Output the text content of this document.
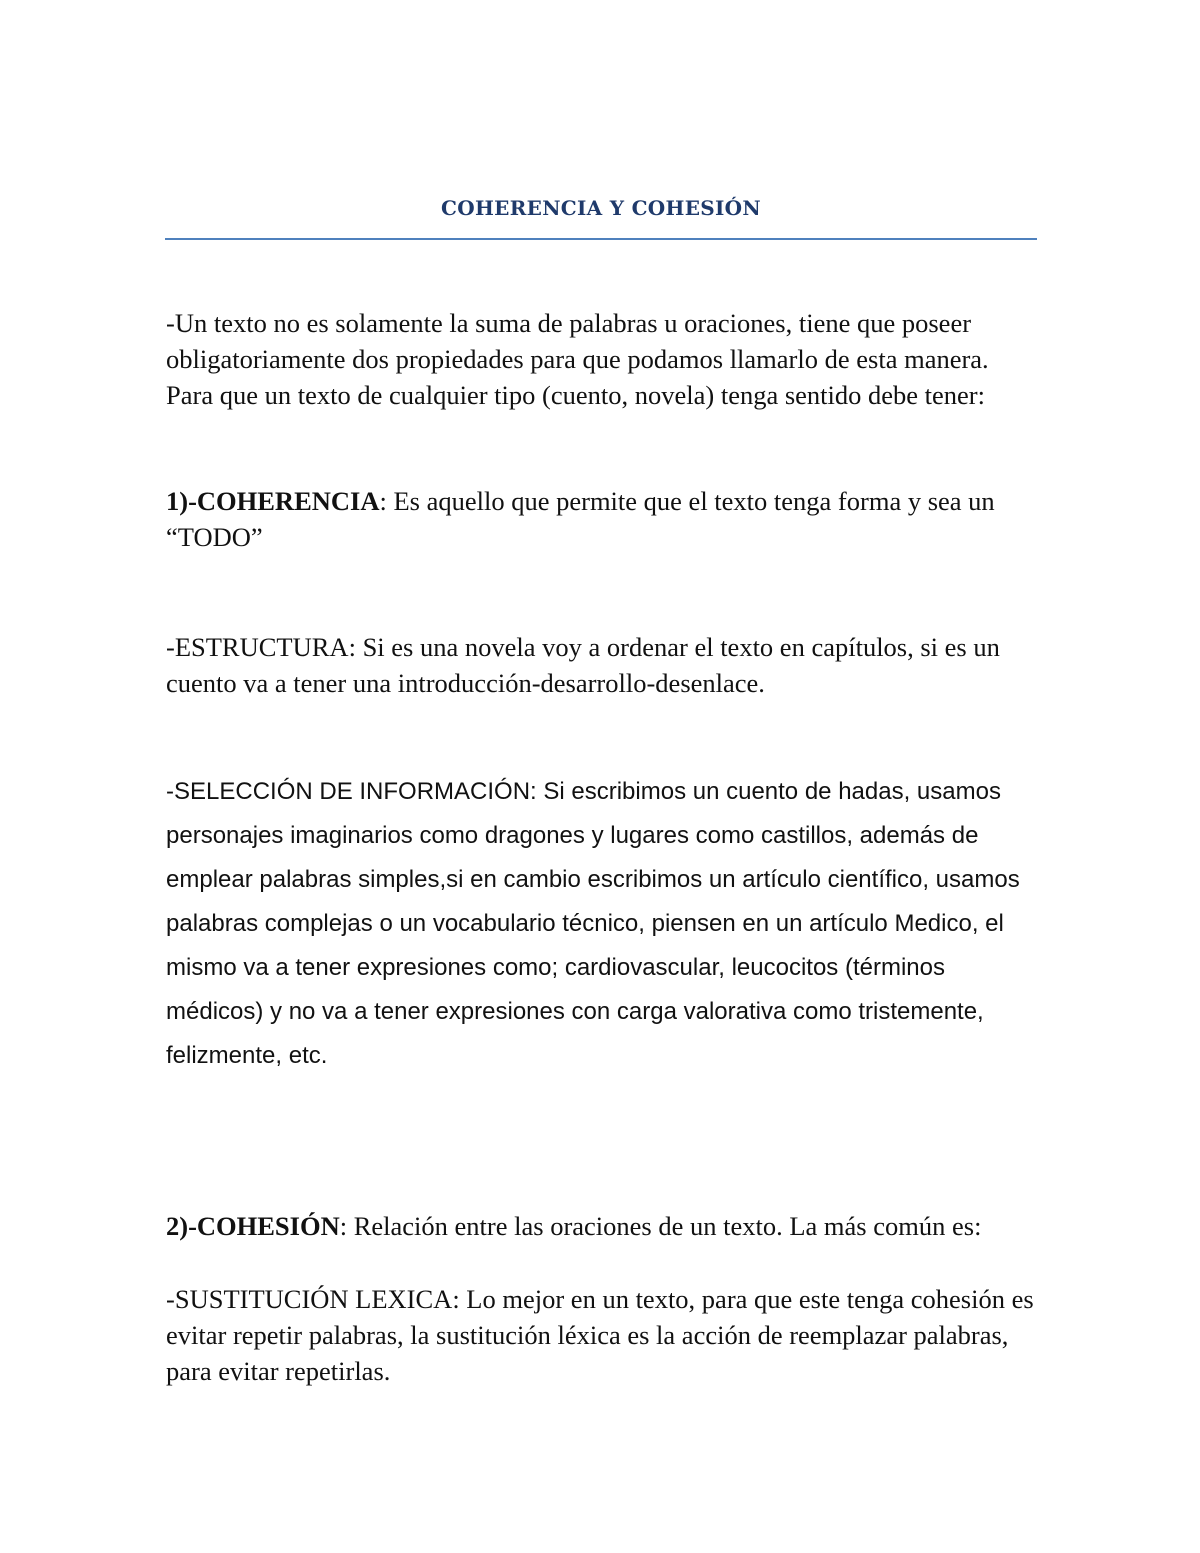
COHERENCIA Y COHESIÓN

-Un texto no es solamente la suma de palabras u oraciones, tiene que poseer obligatoriamente dos propiedades para que podamos llamarlo de esta manera. Para que un texto de cualquier tipo (cuento, novela) tenga sentido debe tener:

1)-COHERENCIA: Es aquello que permite que el texto tenga forma y sea un “TODO”

-ESTRUCTURA: Si es una novela voy a ordenar el texto en capítulos, si es un cuento va a tener una introducción-desarrollo-desenlace.

-SELECCIÓN DE INFORMACIÓN: Si escribimos un cuento de hadas, usamos personajes imaginarios como dragones y lugares como castillos, además de emplear palabras simples,si en cambio escribimos un artículo científico, usamos palabras complejas o un vocabulario técnico, piensen en un artículo Medico, el mismo va a tener expresiones como; cardiovascular, leucocitos (términos médicos) y no va a tener expresiones con carga valorativa como tristemente, felizmente, etc.

2)-COHESIÓN: Relación entre las oraciones de un texto. La más común es:

-SUSTITUCIÓN LEXICA: Lo mejor en un texto, para que este tenga cohesión es evitar repetir palabras, la sustitución léxica es la acción de reemplazar palabras, para evitar repetirlas.
